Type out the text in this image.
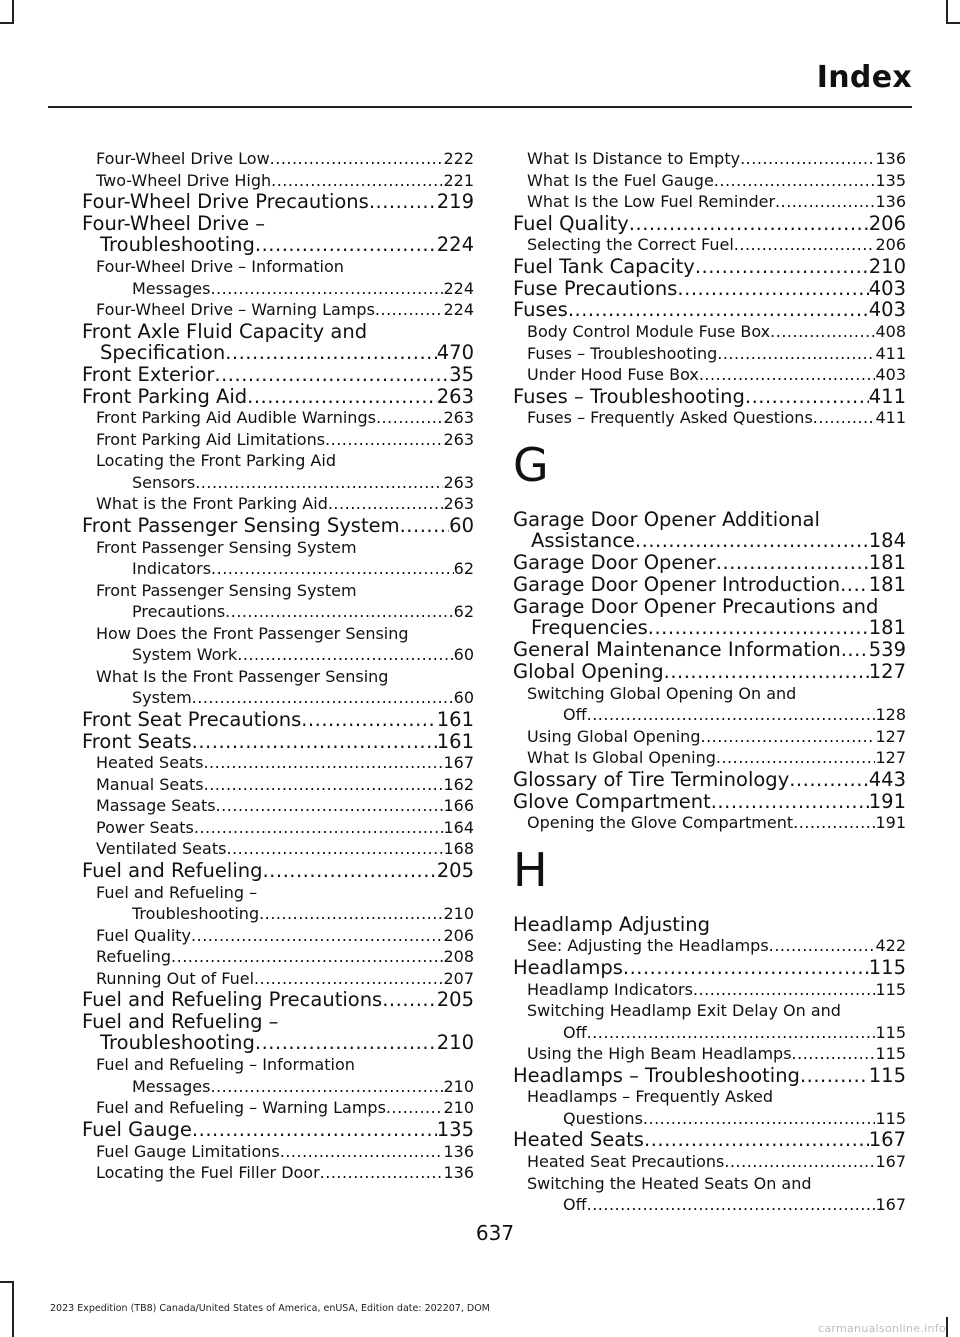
Index
Four-Wheel Drive Low .....	222
Two-Wheel Drive High .....	221
Four-Wheel Drive Precautions .....	219
Four-Wheel Drive –
Troubleshooting .....	224
Four-Wheel Drive – Information
Messages .....	224
Four-Wheel Drive – Warning Lamps .....	224
Front Axle Fluid Capacity and
Specification .....	470
Front Exterior .....	35
Front Parking Aid .....	263
Front Parking Aid Audible Warnings .....	263
Front Parking Aid Limitations .....	263
Locating the Front Parking Aid
Sensors .....	263
What is the Front Parking Aid .....	263
Front Passenger Sensing System .....	60
Front Passenger Sensing System
Indicators .....	62
Front Passenger Sensing System
Precautions .....	62
How Does the Front Passenger Sensing
System Work .....	60
What Is the Front Passenger Sensing
System .....	60
Front Seat Precautions .....	161
Front Seats .....	161
Heated Seats .....	167
Manual Seats .....	162
Massage Seats .....	166
Power Seats .....	164
Ventilated Seats .....	168
Fuel and Refueling .....	205
Fuel and Refueling –
Troubleshooting .....	210
Fuel Quality .....	206
Refueling .....	208
Running Out of Fuel .....	207
Fuel and Refueling Precautions .....	205
Fuel and Refueling –
Troubleshooting .....	210
Fuel and Refueling – Information
Messages .....	210
Fuel and Refueling – Warning Lamps .....	210
Fuel Gauge .....	135
Fuel Gauge Limitations .....	136
Locating the Fuel Filler Door .....	136
What Is Distance to Empty .....	136
What Is the Fuel Gauge .....	135
What Is the Low Fuel Reminder .....	136
Fuel Quality .....	206
Selecting the Correct Fuel .....	206
Fuel Tank Capacity .....	210
Fuse Precautions .....	403
Fuses .....	403
Body Control Module Fuse Box .....	408
Fuses – Troubleshooting .....	411
Under Hood Fuse Box .....	403
Fuses – Troubleshooting .....	411
Fuses – Frequently Asked Questions .....	411
G
Garage Door Opener Additional
Assistance .....	184
Garage Door Opener .....	181
Garage Door Opener Introduction ..... 181
Garage Door Opener Precautions and
Frequencies .....	181
General Maintenance Information ..... 539
Global Opening .....	127
Switching Global Opening On and
Off .....	128
Using Global Opening .....	127
What Is Global Opening .....	127
Glossary of Tire Terminology .....	443
Glove Compartment .....	191
Opening the Glove Compartment .....	191
H
Headlamp Adjusting
See: Adjusting the Headlamps .....	422
Headlamps .....	115
Headlamp Indicators .....	115
Switching Headlamp Exit Delay On and
Off .....	115
Using the High Beam Headlamps .....	115
Headlamps – Troubleshooting .....	115
Headlamps – Frequently Asked
Questions .....	115
Heated Seats .....	167
Heated Seat Precautions .....	167
Switching the Heated Seats On and
Off .....	167
637
2023 Expedition (TB8) Canada/United States of America, enUSA, Edition date: 202207, DOM
carmanualsonline.info
